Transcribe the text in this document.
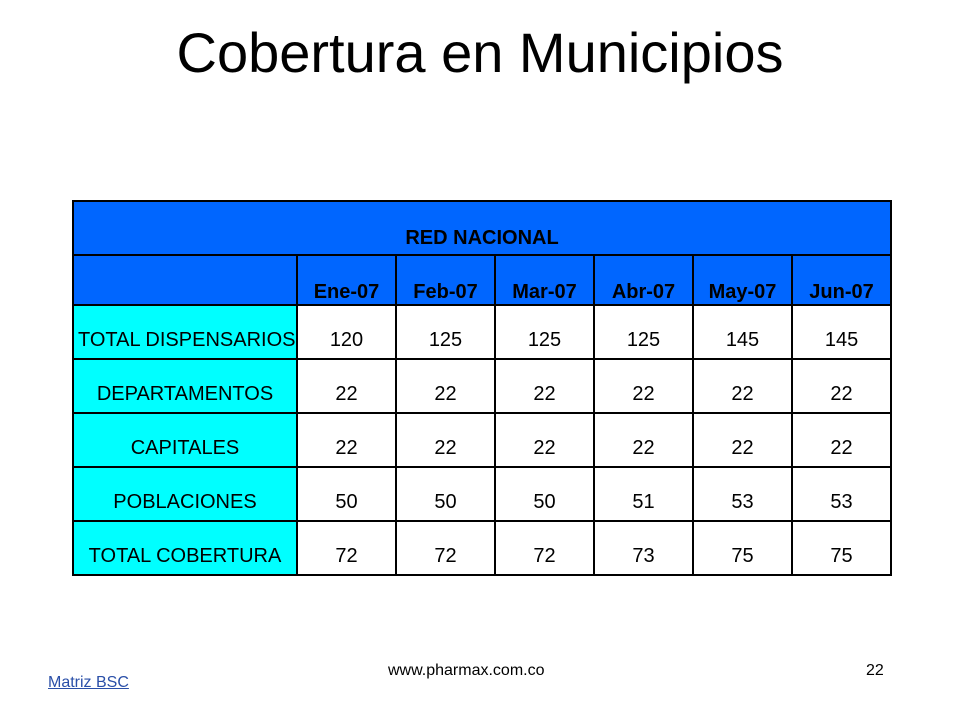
Cobertura en Municipios
RED NACIONAL						
	Ene-07	Feb-07	Mar-07	Abr-07	May-07	Jun-07
TOTAL DISPENSARIOS	120	125	125	125	145	145
DEPARTAMENTOS	22	22	22	22	22	22
CAPITALES	22	22	22	22	22	22
POBLACIONES	50	50	50	51	53	53
TOTAL COBERTURA	72	72	72	73	75	75
www.pharmax.com.co	22
Matriz BSC
